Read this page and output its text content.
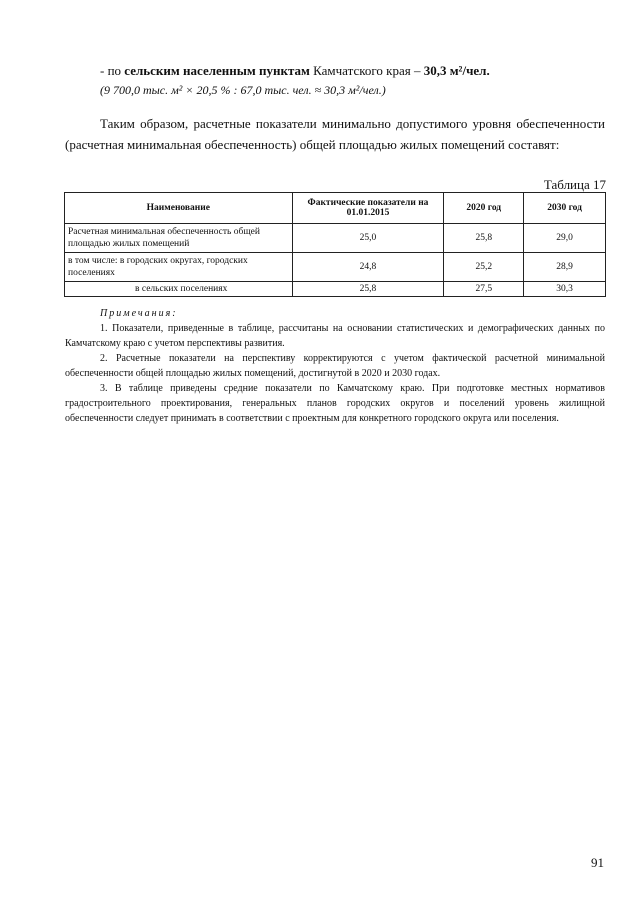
- по сельским населенным пунктам Камчатского края – 30,3 м²/чел.
(9 700,0 тыс. м² × 20,5 % : 67,0 тыс. чел. ≈ 30,3 м²/чел.)
Таким образом, расчетные показатели минимально допустимого уровня обеспеченности (расчетная минимальная обеспеченность) общей площадью жилых помещений составят:
Таблица 17
Наименование	Фактические показатели на 01.01.2015	2020 год	2030 год
Расчетная минимальная обеспеченность общей площадью жилых помещений	25,0	25,8	29,0
в том числе: в городских округах, городских поселениях	24,8	25,2	28,9
в сельских поселениях	25,8	27,5	30,3
Примечания:

1. Показатели, приведенные в таблице, рассчитаны на основании статистических и демографических данных по Камчатскому краю с учетом перспективы развития.

2. Расчетные показатели на перспективу корректируются с учетом фактической расчетной минимальной обеспеченности общей площадью жилых помещений, достигнутой в 2020 и 2030 годах.

3. В таблице приведены средние показатели по Камчатскому краю. При подготовке местных нормативов градостроительного проектирования, генеральных планов городских округов и поселений уровень жилищной обеспеченности следует принимать в соответствии с проектным для конкретного городского округа или поселения.

91
